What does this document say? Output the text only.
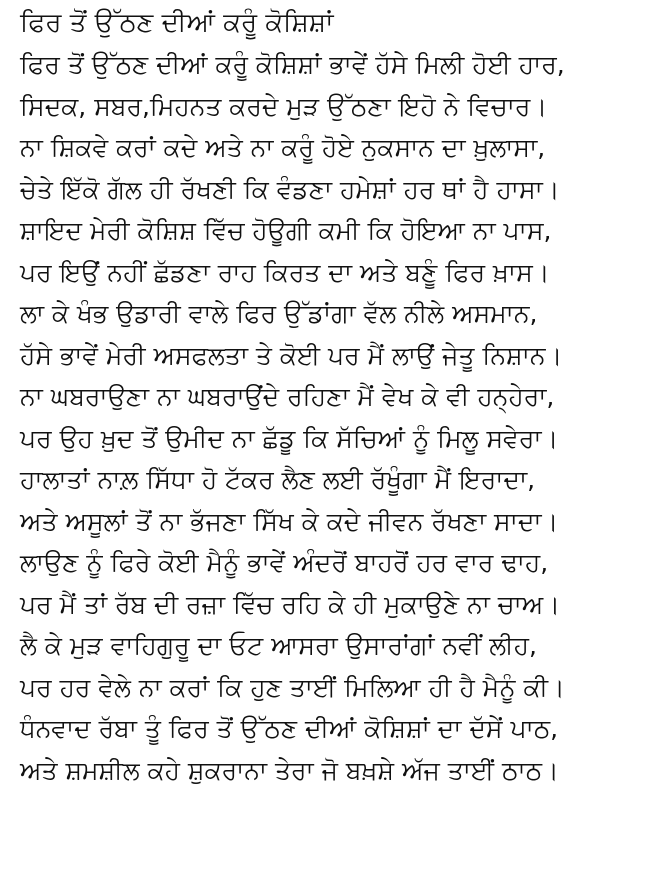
ਫਿਰ ਤੋਂ ਉੱਠਣ ਦੀਆਂ ਕਰੂੰ ਕੋਸ਼ਿਸ਼ਾਂ
ਫਿਰ ਤੋਂ ਉੱਠਣ ਦੀਆਂ ਕਰੂੰ ਕੋਸ਼ਿਸ਼ਾਂ ਭਾਵੇਂ ਹੱਸੇ ਮਿਲੀ ਹੋਈ ਹਾਰ,
ਸਿਦਕ, ਸਬਰ,ਮਿਹਨਤ ਕਰਦੇ ਮੁੜ ਉੱਠਣਾ ਇਹੋ ਨੇ ਵਿਚਾਰ।
ਨਾ ਸ਼ਿਕਵੇ ਕਰਾਂ ਕਦੇ ਅਤੇ ਨਾ ਕਰੂੰ ਹੋਏ ਨੁਕਸਾਨ ਦਾ ਖ਼ੁਲਾਸਾ,
ਚੇਤੇ ਇੱਕੋ ਗੱਲ ਹੀ ਰੱਖਣੀ ਕਿ ਵੰਡਣਾ ਹਮੇਸ਼ਾਂ ਹਰ ਥਾਂ ਹੈ ਹਾਸਾ।
ਸ਼ਾਇਦ ਮੇਰੀ ਕੋਸ਼ਿਸ਼ ਵਿੱਚ ਹੋਊਗੀ ਕਮੀ ਕਿ ਹੋਇਆ ਨਾ ਪਾਸ,
ਪਰ ਇਉਂ ਨਹੀਂ ਛੱਡਣਾ ਰਾਹ ਕਿਰਤ ਦਾ ਅਤੇ ਬਣੂੰ ਫਿਰ ਖ਼ਾਸ।
ਲਾ ਕੇ ਖੰਭ ਉਡਾਰੀ ਵਾਲੇ ਫਿਰ ਉੱਡਾਂਗਾ ਵੱਲ ਨੀਲੇ ਅਸਮਾਨ,
ਹੱਸੇ ਭਾਵੇਂ ਮੇਰੀ ਅਸਫਲਤਾ ਤੇ ਕੋਈ ਪਰ ਮੈਂ ਲਾਉਂ ਜੇਤੂ ਨਿਸ਼ਾਨ।
ਨਾ ਘਬਰਾਉਣਾ ਨਾ ਘਬਰਾਉਂਦੇ ਰਹਿਣਾ ਮੈਂ ਵੇਖ ਕੇ ਵੀ ਹਨ੍ਹੇਰਾ,
ਪਰ ਉਹ ਖ਼ੁਦ ਤੋਂ ਉਮੀਦ ਨਾ ਛੱਡੂ ਕਿ ਸੱਚਿਆਂ ਨੂੰ ਮਿਲੂ ਸਵੇਰਾ।
ਹਾਲਾਤਾਂ ਨਾਲ਼ ਸਿੱਧਾ ਹੋ ਟੱਕਰ ਲੈਣ ਲਈ ਰੱਖੂੰਗਾ ਮੈਂ ਇਰਾਦਾ,
ਅਤੇ ਅਸੂਲਾਂ ਤੋਂ ਨਾ ਭੱਜਣਾ ਸਿੱਖ ਕੇ ਕਦੇ ਜੀਵਨ ਰੱਖਣਾ ਸਾਦਾ।
ਲਾਉਣ ਨੂੰ ਫਿਰੇ ਕੋਈ ਮੈਨੂੰ ਭਾਵੇਂ ਅੰਦਰੋਂ ਬਾਹਰੋਂ ਹਰ ਵਾਰ ਢਾਹ,
ਪਰ ਮੈਂ ਤਾਂ ਰੱਬ ਦੀ ਰਜ਼ਾ ਵਿੱਚ ਰਹਿ ਕੇ ਹੀ ਮੁਕਾਉਣੇ ਨਾ ਚਾਅ।
ਲੈ ਕੇ ਮੁੜ ਵਾਹਿਗੁਰੂ ਦਾ ਓਟ ਆਸਰਾ ਉਸਾਰਾਂਗਾਂ ਨਵੀਂ ਲੀਹ,
ਪਰ ਹਰ ਵੇਲੇ ਨਾ ਕਰਾਂ ਕਿ ਹੁਣ ਤਾਈਂ ਮਿਲਿਆ ਹੀ ਹੈ ਮੈਨੂੰ ਕੀ।
ਧੰਨਵਾਦ ਰੱਬਾ ਤੂੰ ਫਿਰ ਤੋਂ ਉੱਠਣ ਦੀਆਂ ਕੋਸ਼ਿਸ਼ਾਂ ਦਾ ਦੱਸੇਂ ਪਾਠ,
ਅਤੇ ਸ਼ਮਸ਼ੀਲ ਕਹੇ ਸ਼ੁਕਰਾਨਾ ਤੇਰਾ ਜੋ ਬਖ਼ਸ਼ੇ ਅੱਜ ਤਾਈਂ ਠਾਠ।
